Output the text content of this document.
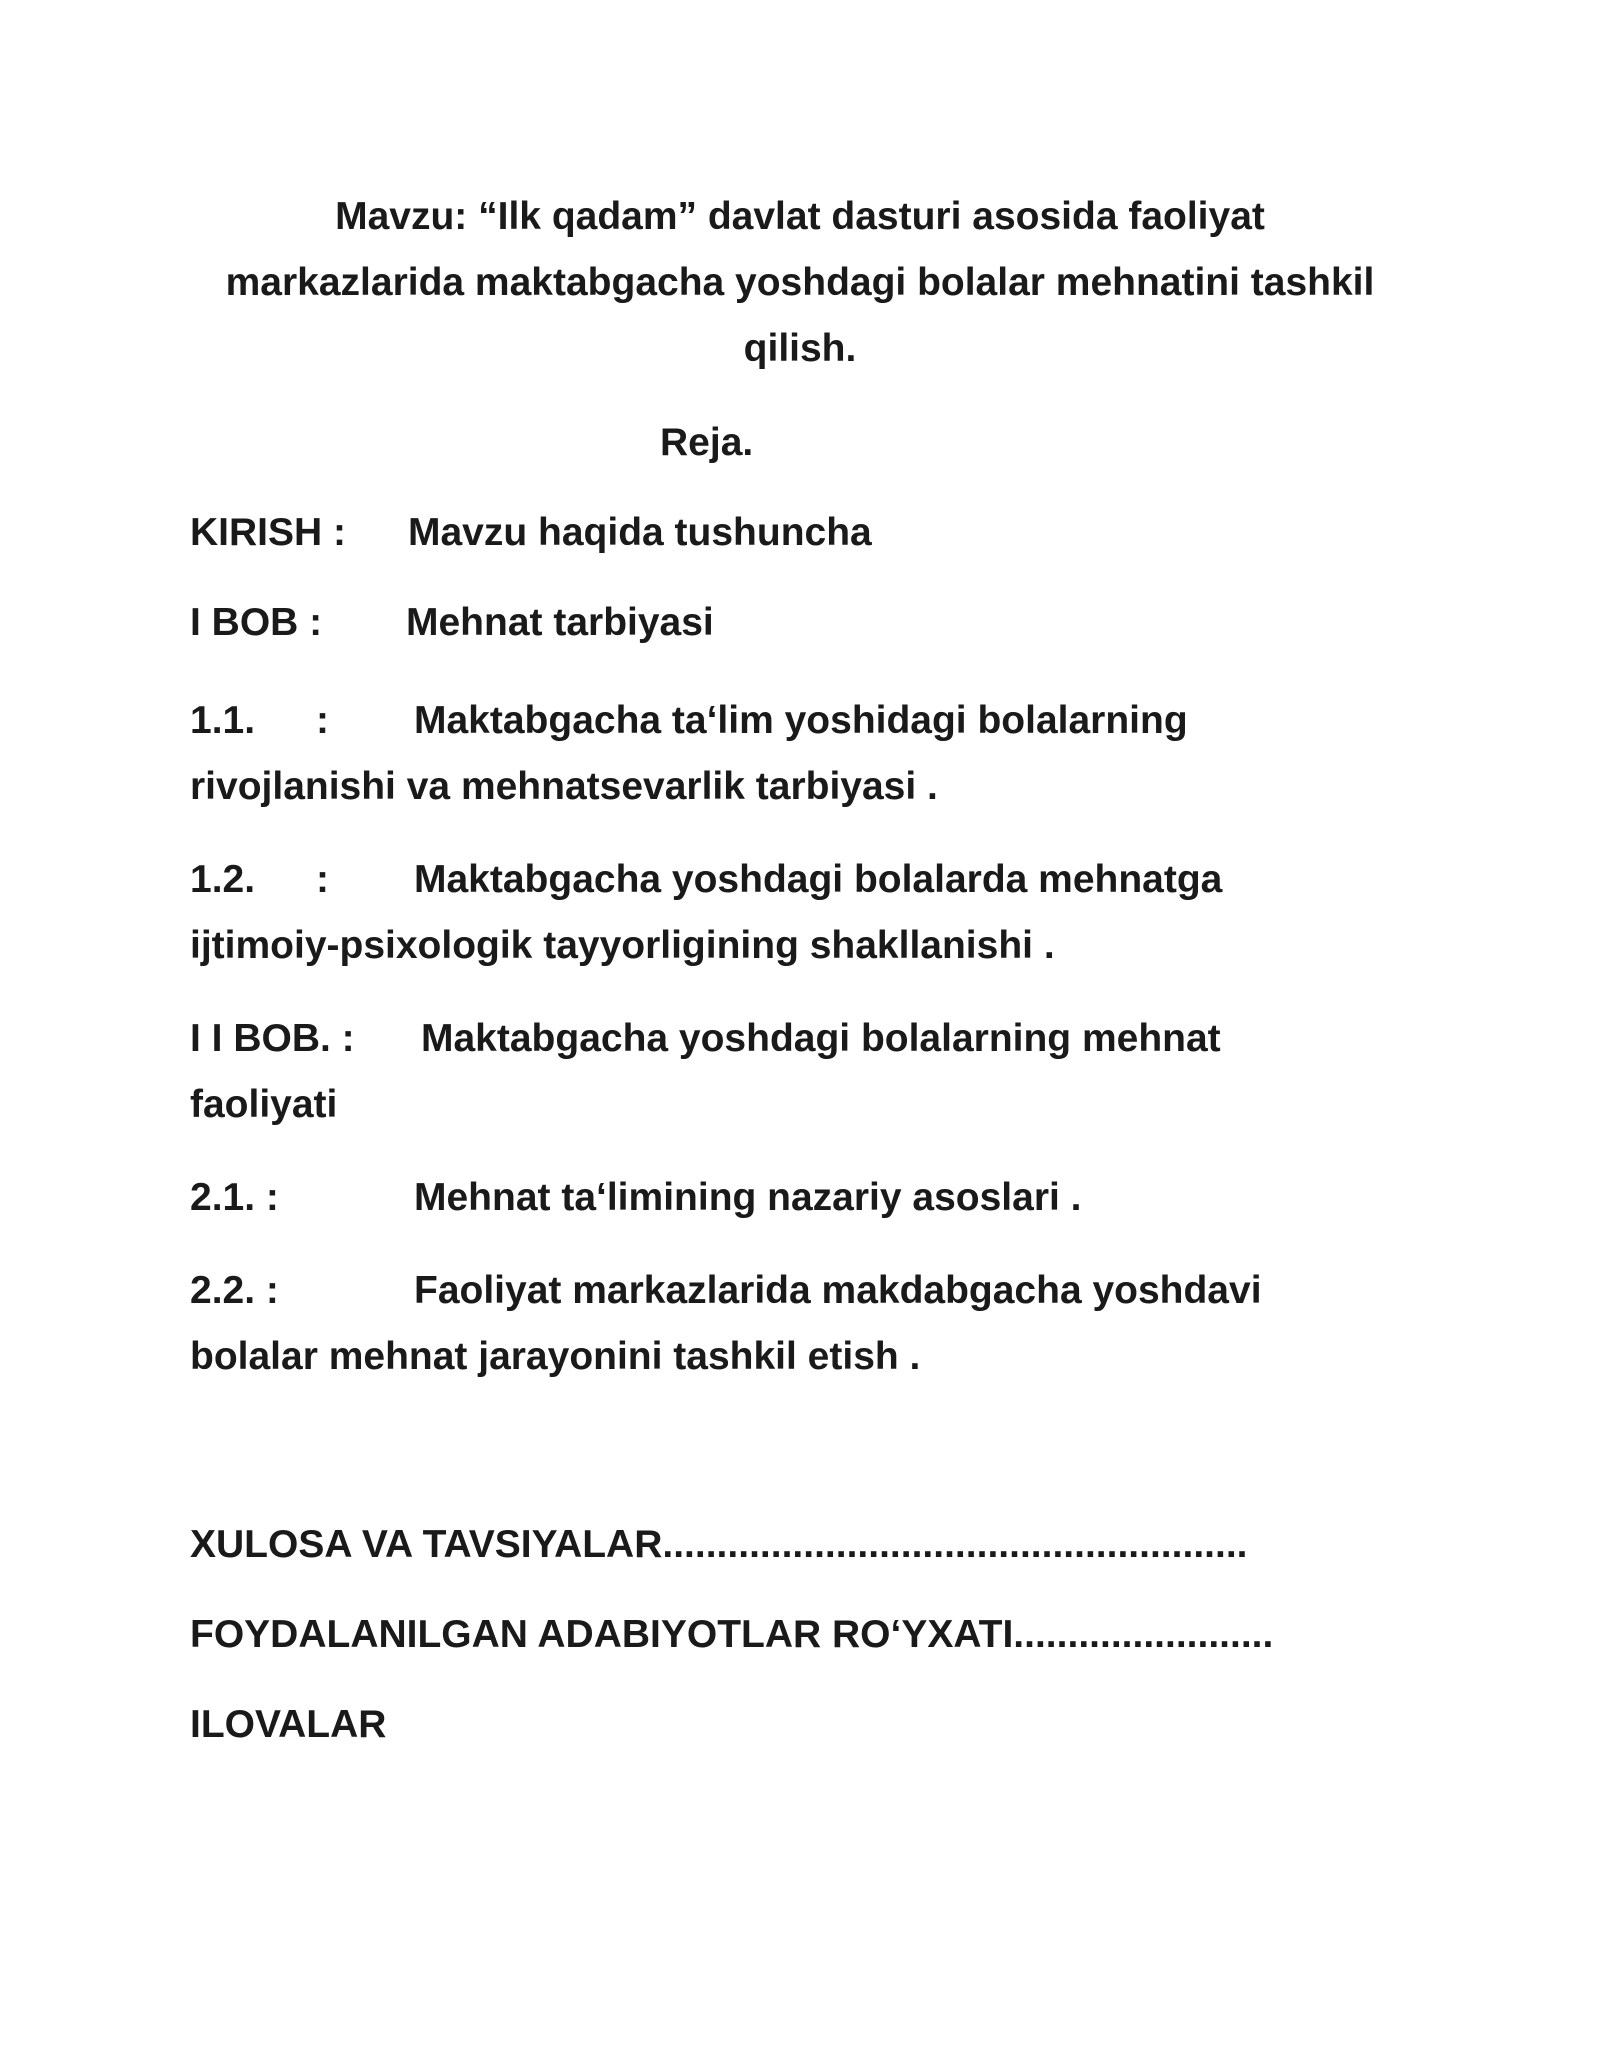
Mavzu: “Ilk qadam” davlat dasturi asosida faoliyat
markazlarida maktabgacha yoshdagi bolalar mehnatini tashkil
qilish.
Reja.
KIRISH : Mavzu haqida tushuncha
I BOB : Mehnat tarbiyasi
1.1. : Maktabgacha ta‘lim yoshidagi bolalarning
rivojlanishi va mehnatsevarlik tarbiyasi .
1.2. : Maktabgacha yoshdagi bolalarda mehnatga
ijtimoiy-psixologik tayyorligining shakllanishi .
I I BOB. : Maktabgacha yoshdagi bolalarning mehnat
faoliyati
2.1. :	Mehnat ta‘limining nazariy asoslari .
2.2. :	Faoliyat markazlarida makdabgacha yoshdavi
bolalar mehnat jarayonini tashkil etish .
XULOSA VA TAVSIYALAR......................................................
FOYDALANILGAN ADABIYOTLAR RO‘YXATI........................
ILOVALAR
